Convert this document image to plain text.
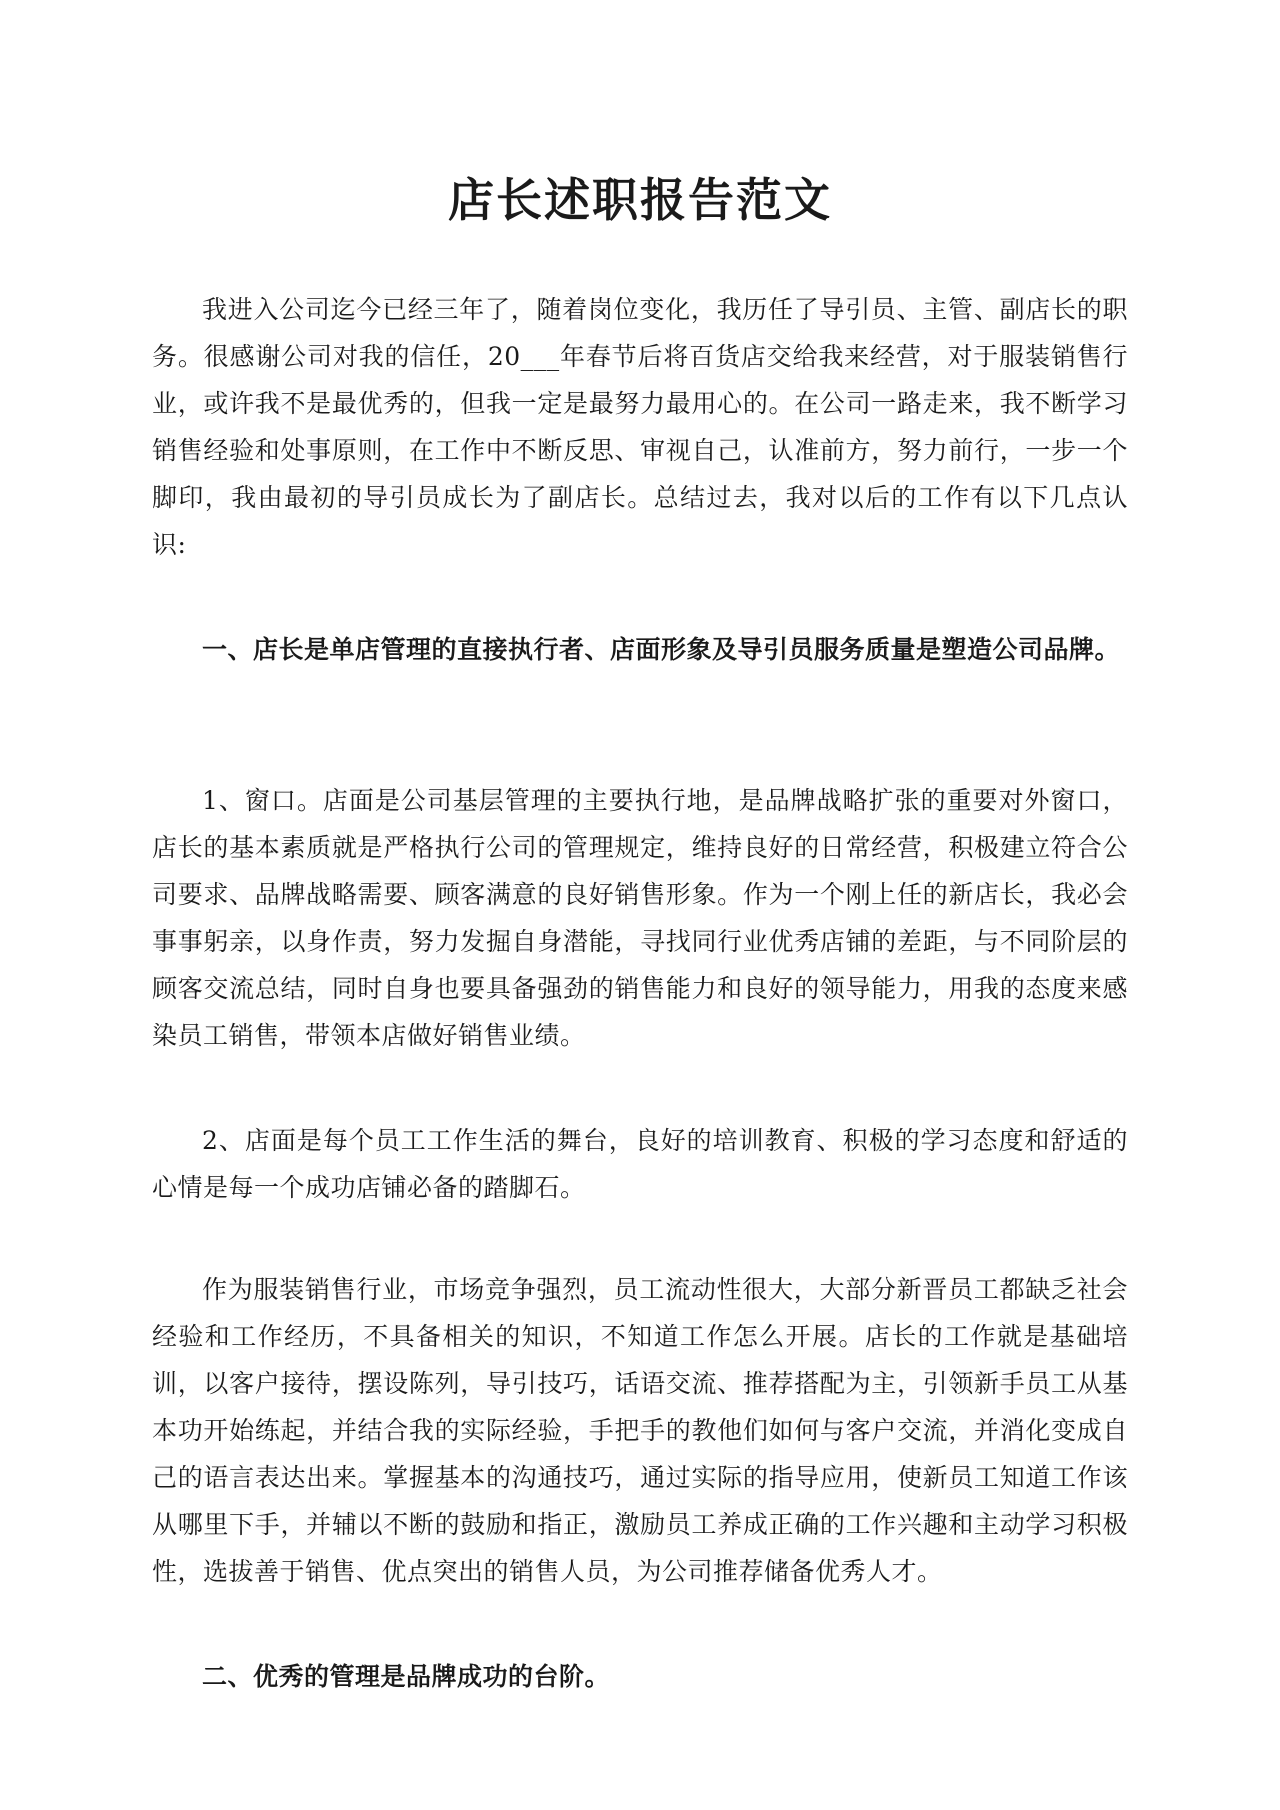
店长述职报告范文

我进入公司迄今已经三年了，随着岗位变化，我历任了导引员、主管、副店长的职务。很感谢公司对我的信任，20___年春节后将百货店交给我来经营，对于服装销售行业，或许我不是最优秀的，但我一定是最努力最用心的。在公司一路走来，我不断学习销售经验和处事原则，在工作中不断反思、审视自己，认准前方，努力前行，一步一个脚印，我由最初的导引员成长为了副店长。总结过去，我对以后的工作有以下几点认识:

一、店长是单店管理的直接执行者、店面形象及导引员服务质量是塑造公司品牌。

1、窗口。店面是公司基层管理的主要执行地，是品牌战略扩张的重要对外窗口，店长的基本素质就是严格执行公司的管理规定，维持良好的日常经营，积极建立符合公司要求、品牌战略需要、顾客满意的良好销售形象。作为一个刚上任的新店长，我必会事事躬亲，以身作责，努力发掘自身潜能，寻找同行业优秀店铺的差距，与不同阶层的顾客交流总结，同时自身也要具备强劲的销售能力和良好的领导能力，用我的态度来感染员工销售，带领本店做好销售业绩。

2、店面是每个员工工作生活的舞台，良好的培训教育、积极的学习态度和舒适的心情是每一个成功店铺必备的踏脚石。

作为服装销售行业，市场竞争强烈，员工流动性很大，大部分新晋员工都缺乏社会经验和工作经历，不具备相关的知识，不知道工作怎么开展。店长的工作就是基础培训，以客户接待，摆设陈列，导引技巧，话语交流、推荐搭配为主，引领新手员工从基本功开始练起，并结合我的实际经验，手把手的教他们如何与客户交流，并消化变成自己的语言表达出来。掌握基本的沟通技巧，通过实际的指导应用，使新员工知道工作该从哪里下手，并辅以不断的鼓励和指正，激励员工养成正确的工作兴趣和主动学习积极性，选拔善于销售、优点突出的销售人员，为公司推荐储备优秀人才。

二、优秀的管理是品牌成功的台阶。
